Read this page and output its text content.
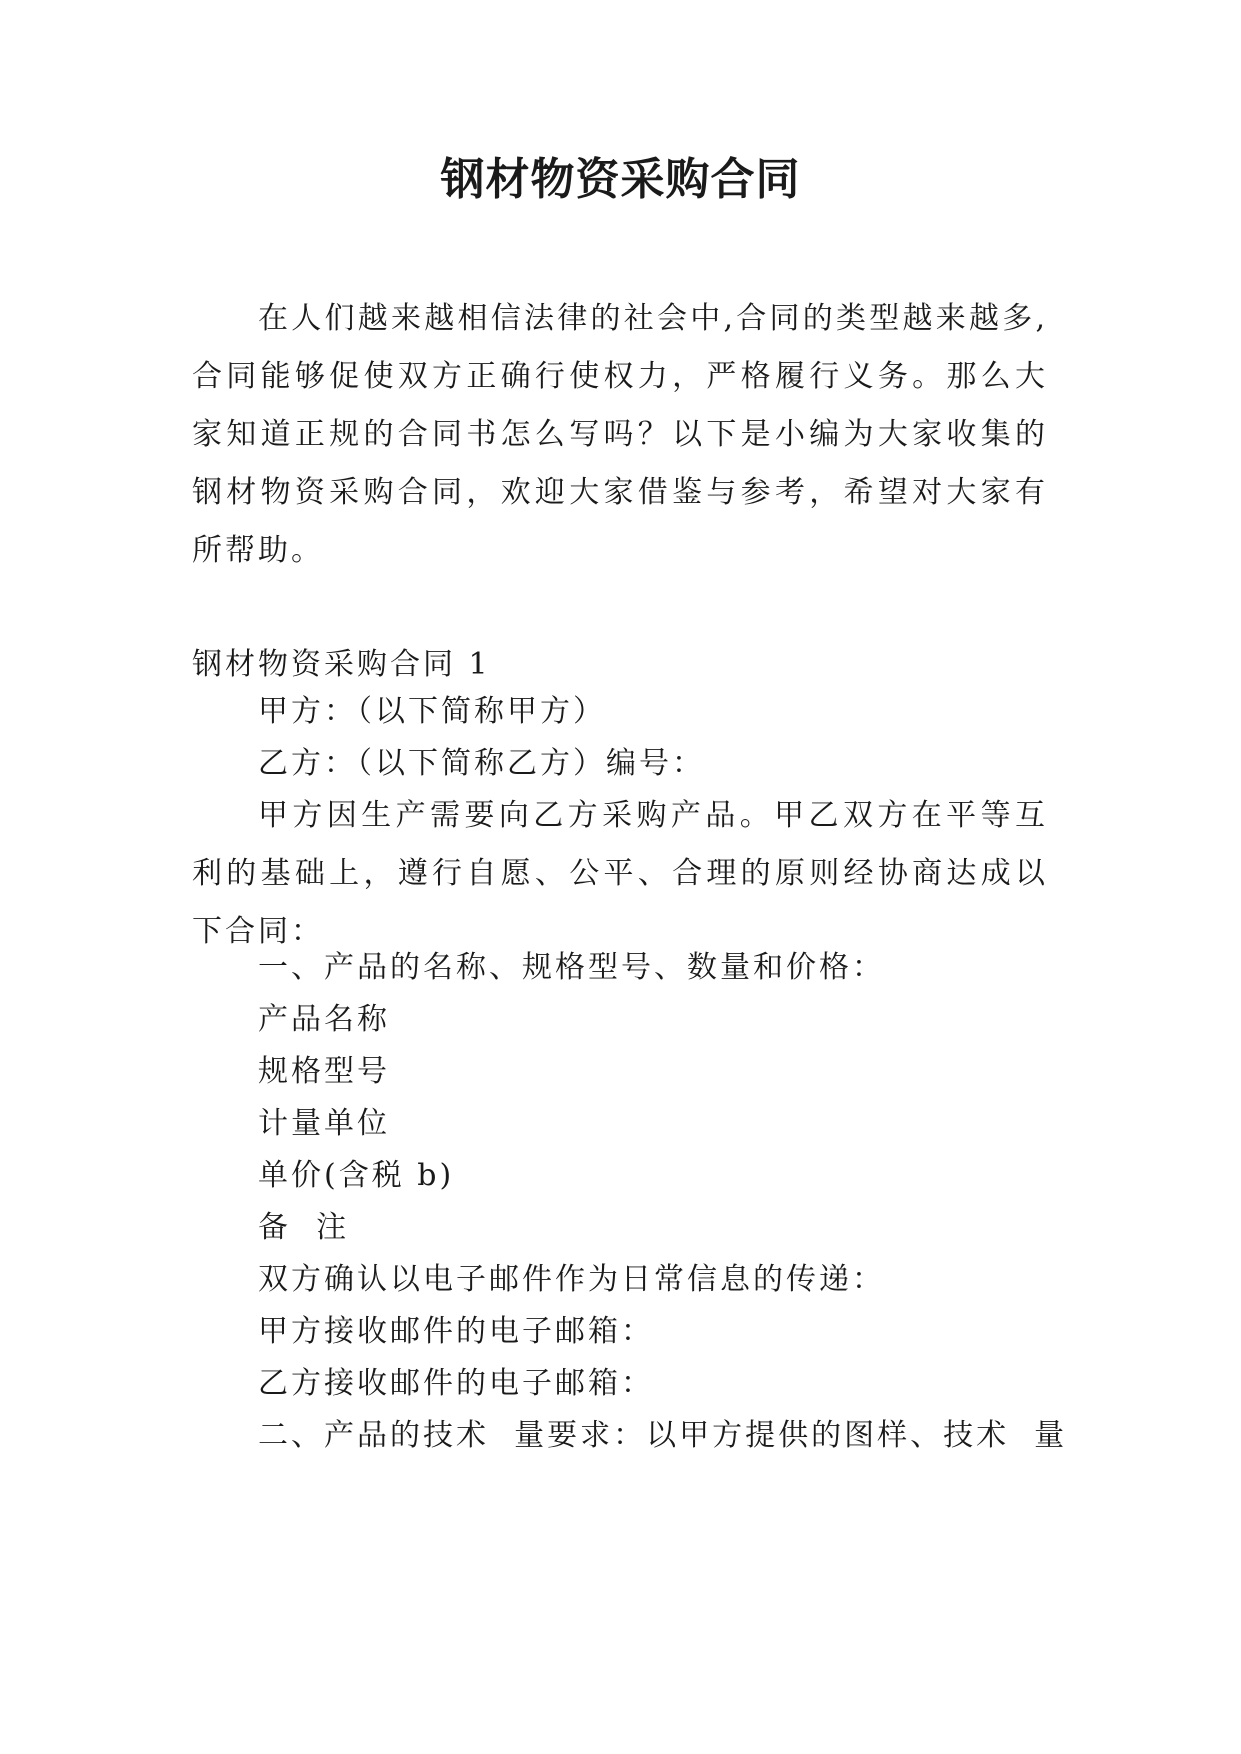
钢材物资采购合同
在人们越来越相信法律的社会中,合同的类型越来越多,合同能够促使双方正确行使权力，严格履行义务。那么大家知道正规的合同书怎么写吗？以下是小编为大家收集的钢材物资采购合同，欢迎大家借鉴与参考，希望对大家有所帮助。
钢材物资采购合同 1
甲方：（以下简称甲方）
乙方：（以下简称乙方）编号：
甲方因生产需要向乙方采购产品。甲乙双方在平等互利的基础上，遵行自愿、公平、合理的原则经协商达成以下合同：
一、产品的名称、规格型号、数量和价格：
产品名称
规格型号
计量单位
单价(含税 b)
备  注
双方确认以电子邮件作为日常信息的传递：
甲方接收邮件的电子邮箱：
乙方接收邮件的电子邮箱：
二、产品的技术  量要求：以甲方提供的图样、技术  量
